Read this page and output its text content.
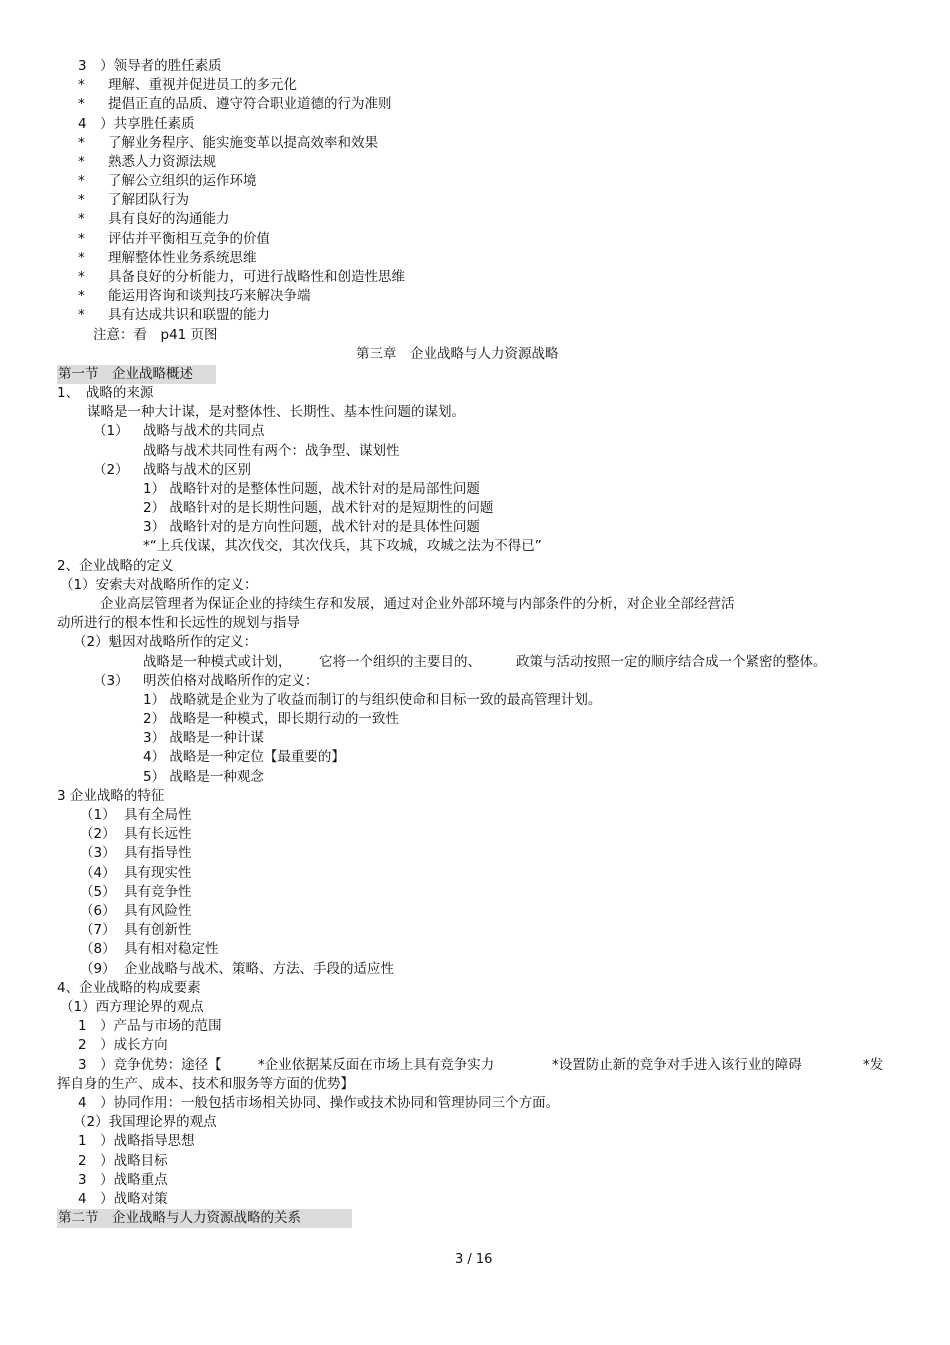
3　）领导者的胜任素质
* 理解、重视并促进员工的多元化
* 提倡正直的品质、遵守符合职业道德的行为准则
4　）共享胜任素质
* 了解业务程序、能实施变革以提高效率和效果
* 熟悉人力资源法规
* 了解公立组织的运作环境
* 了解团队行为
* 具有良好的沟通能力
* 评估并平衡相互竞争的价值
* 理解整体性业务系统思维
* 具备良好的分析能力，可进行战略性和创造性思维
* 能运用咨询和谈判技巧来解决争端
* 具有达成共识和联盟的能力
注意：看　p41 页图
第三章　企业战略与人力资源战略
第一节　企业战略概述
1、　战略的来源
谋略是一种大计谋，是对整体性、长期性、基本性问题的谋划。
（1） 战略与战术的共同点
战略与战术共同性有两个：战争型、谋划性
（2） 战略与战术的区别
1） 战略针对的是整体性问题，战术针对的是局部性问题
2） 战略针对的是长期性问题，战术针对的是短期性的问题
3） 战略针对的是方向性问题，战术针对的是具体性问题
*“上兵伐谋，其次伐交，其次伐兵，其下攻城，攻城之法为不得已”
2、企业战略的定义
（1）安索夫对战略所作的定义：
企业高层管理者为保证企业的持续生存和发展，通过对企业外部环境与内部条件的分析，对企业全部经营活
动所进行的根本性和长远性的规划与指导
（2）魁因对战略所作的定义：
战略是一种模式或计划， 它将一个组织的主要目的、	政策与活动按照一定的顺序结合成一个紧密的整体。
（3） 明茨伯格对战略所作的定义：
1） 战略就是企业为了收益而制订的与组织使命和目标一致的最高管理计划。
2） 战略是一种模式，即长期行动的一致性
3） 战略是一种计谋
4） 战略是一种定位【最重要的】
5） 战略是一种观念
3 企业战略的特征
（1） 具有全局性
（2） 具有长远性
（3） 具有指导性
（4） 具有现实性
（5） 具有竞争性
（6） 具有风险性
（7） 具有创新性
（8） 具有相对稳定性
（9） 企业战略与战术、策略、方法、手段的适应性
4、企业战略的构成要素
（1）西方理论界的观点
1　）产品与市场的范围
2　）成长方向
3　）竞争优势：途径【	*企业依据某反面在市场上具有竞争实力	*设置防止新的竞争对手进入该行业的障碍	*发
挥自身的生产、成本、技术和服务等方面的优势】
4　）协同作用：一般包括市场相关协同、操作或技术协同和管理协同三个方面。
（2）我国理论界的观点
1　）战略指导思想
2　）战略目标
3　）战略重点
4　）战略对策
第二节　企业战略与人力资源战略的关系
3 / 16
